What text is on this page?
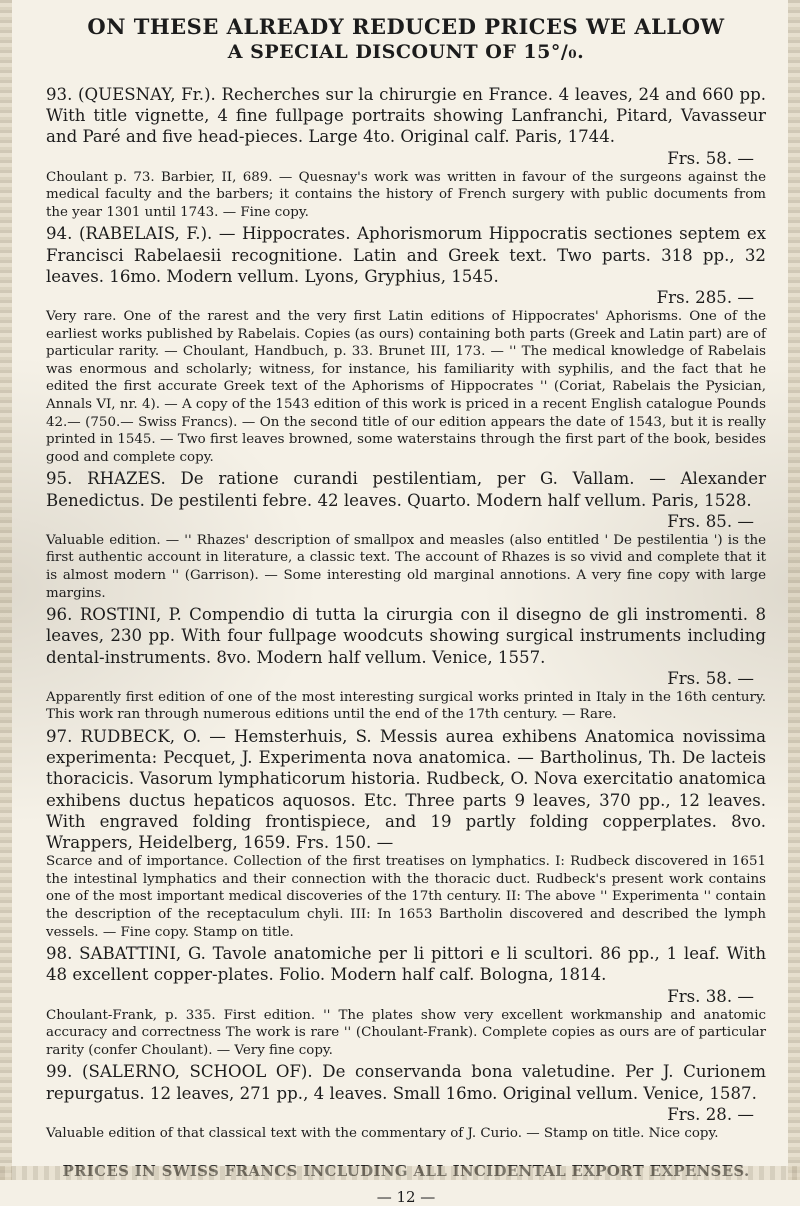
ON THESE ALREADY REDUCED PRICES WE ALLOW
A SPECIAL DISCOUNT OF 15°/₀.

93. (QUESNAY, Fr.). Recherches sur la chirurgie en France. 4 leaves, 24 and 660 pp. With title vignette, 4 fine fullpage portraits showing Lanfranchi, Pitard, Vavasseur and Paré and five head-pieces. Large 4to. Original calf. Paris, 1744.

Frs. 58. —

Choulant p. 73. Barbier, II, 689. — Quesnay's work was written in favour of the surgeons against the medical faculty and the barbers; it contains the history of French surgery with public documents from the year 1301 until 1743. — Fine copy.

94. (RABELAIS, F.). — Hippocrates. Aphorismorum Hippocratis sectiones septem ex Francisci Rabelaesii recognitione. Latin and Greek text. Two parts. 318 pp., 32 leaves. 16mo. Modern vellum. Lyons, Gryphius, 1545.

Frs. 285. —

Very rare. One of the rarest and the very first Latin editions of Hippocrates' Aphorisms. One of the earliest works published by Rabelais. Copies (as ours) containing both parts (Greek and Latin part) are of particular rarity. — Choulant, Handbuch, p. 33. Brunet III, 173. — '' The medical knowledge of Rabelais was enormous and scholarly; witness, for instance, his familiarity with syphilis, and the fact that he edited the first accurate Greek text of the Aphorisms of Hippocrates '' (Coriat, Rabelais the Pysician, Annals VI, nr. 4). — A copy of the 1543 edition of this work is priced in a recent English catalogue Pounds 42.— (750.— Swiss Francs). — On the second title of our edition appears the date of 1543, but it is really printed in 1545. — Two first leaves browned, some waterstains through the first part of the book, besides good and complete copy.

95. RHAZES. De ratione curandi pestilentiam, per G. Vallam. — Alexander Benedictus. De pestilenti febre. 42 leaves. Quarto. Modern half vellum. Paris, 1528.

Frs. 85. —

Valuable edition. — '' Rhazes' description of smallpox and measles (also entitled ' De pestilentia ') is the first authentic account in literature, a classic text. The account of Rhazes is so vivid and complete that it is almost modern '' (Garrison). — Some interesting old marginal annotions. A very fine copy with large margins.

96. ROSTINI, P. Compendio di tutta la cirurgia con il disegno de gli instromenti. 8 leaves, 230 pp. With four fullpage woodcuts showing surgical instruments including dental-instruments. 8vo. Modern half vellum. Venice, 1557.

Frs. 58. —

Apparently first edition of one of the most interesting surgical works printed in Italy in the 16th century. This work ran through numerous editions until the end of the 17th century. — Rare.

97. RUDBECK, O. — Hemsterhuis, S. Messis aurea exhibens Anatomica novissima experimenta: Pecquet, J. Experimenta nova anatomica. — Bartholinus, Th. De lacteis thoracicis. Vasorum lymphaticorum historia. Rudbeck, O. Nova exercitatio anatomica exhibens ductus hepaticos aquosos. Etc. Three parts 9 leaves, 370 pp., 12 leaves. With engraved folding frontispiece, and 19 partly folding copperplates. 8vo. Wrappers, Heidelberg, 1659. Frs. 150. —

Scarce and of importance. Collection of the first treatises on lymphatics. I: Rudbeck discovered in 1651 the intestinal lymphatics and their connection with the thoracic duct. Rudbeck's present work contains one of the most important medical discoveries of the 17th century. II: The above '' Experimenta '' contain the description of the receptaculum chyli. III: In 1653 Bartholin discovered and described the lymph vessels. — Fine copy. Stamp on title.

98. SABATTINI, G. Tavole anatomiche per li pittori e li scultori. 86 pp., 1 leaf. With 48 excellent copper-plates. Folio. Modern half calf. Bologna, 1814.

Frs. 38. —

Choulant-Frank, p. 335. First edition. '' The plates show very excellent workmanship and anatomic accuracy and correctness The work is rare '' (Choulant-Frank). Complete copies as ours are of particular rarity (confer Choulant). — Very fine copy.

99. (SALERNO, SCHOOL OF). De conservanda bona valetudine. Per J. Curionem repurgatus. 12 leaves, 271 pp., 4 leaves. Small 16mo. Original vellum. Venice, 1587.

Frs. 28. —

Valuable edition of that classical text with the commentary of J. Curio. — Stamp on title. Nice copy.

— 12 —
